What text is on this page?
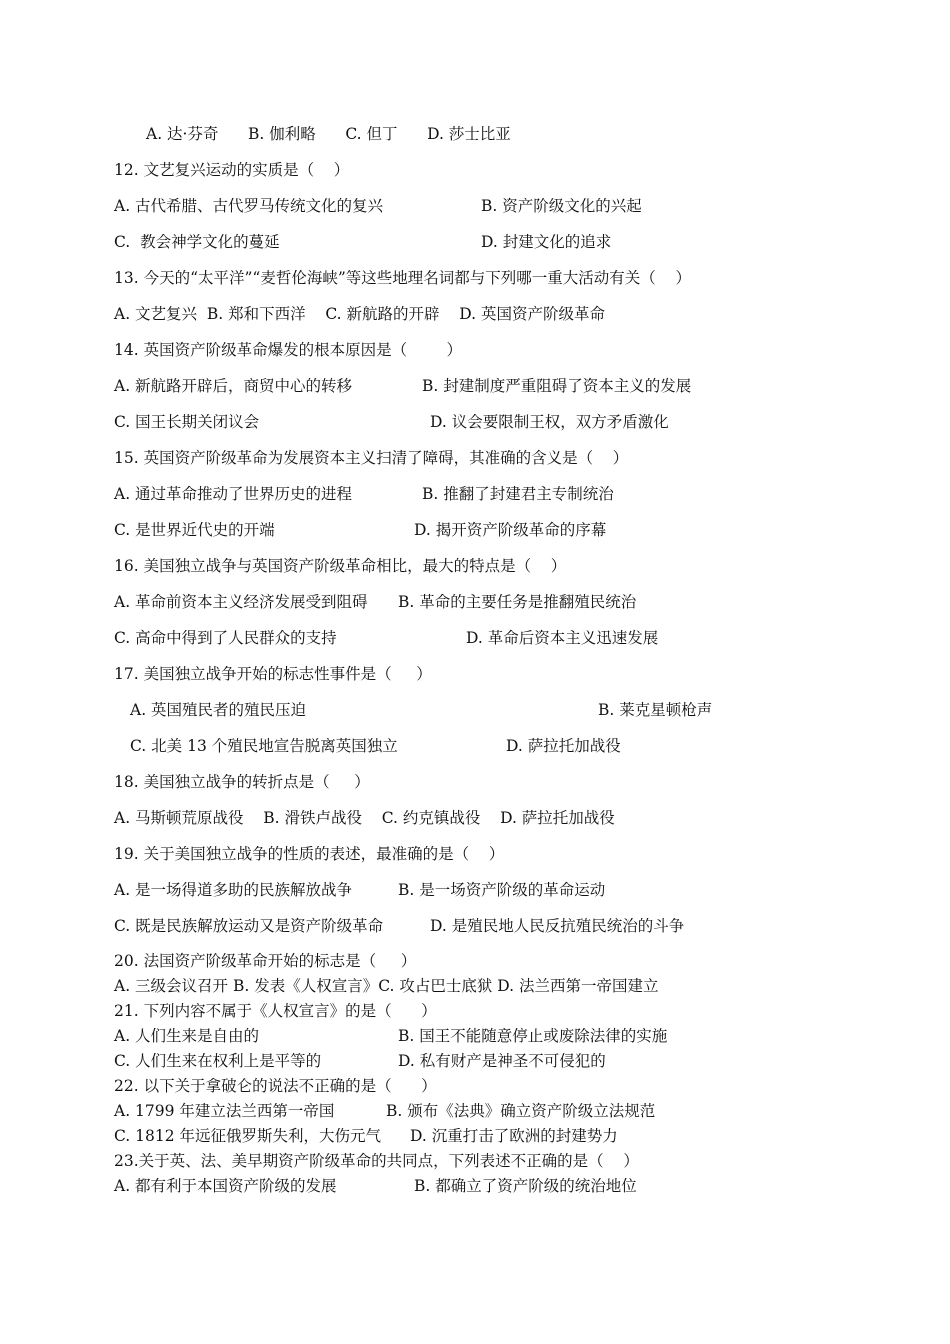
A. 达·芬奇      B. 伽利略      C. 但丁      D. 莎士比亚
12. 文艺复兴运动的实质是（    ）
A. 古代希腊、古代罗马传统文化的复兴	B. 资产阶级文化的兴起
C.  教会神学文化的蔓延	D. 封建文化的追求
13. 今天的“太平洋”“麦哲伦海峡”等这些地理名词都与下列哪一重大活动有关（    ）
A. 文艺复兴  B. 郑和下西洋    C. 新航路的开辟    D. 英国资产阶级革命
14. 英国资产阶级革命爆发的根本原因是（        ）
A. 新航路开辟后，商贸中心的转移	B. 封建制度严重阻碍了资本主义的发展
C. 国王长期关闭议会	D. 议会要限制王权，双方矛盾激化
15. 英国资产阶级革命为发展资本主义扫清了障碍，其准确的含义是（    ）
A. 通过革命推动了世界历史的进程	B. 推翻了封建君主专制统治
C. 是世界近代史的开端	D. 揭开资产阶级革命的序幕
16. 美国独立战争与英国资产阶级革命相比，最大的特点是（    ）
A. 革命前资本主义经济发展受到阻碍 B. 革命的主要任务是推翻殖民统治
C. 高命中得到了人民群众的支持	D. 革命后资本主义迅速发展
17. 美国独立战争开始的标志性事件是（     ）
A. 英国殖民者的殖民压迫	B. 莱克星顿枪声
C. 北美 13 个殖民地宣告脱离英国独立	D. 萨拉托加战役
18. 美国独立战争的转折点是（     ）
A. 马斯顿荒原战役    B. 滑铁卢战役    C. 约克镇战役    D. 萨拉托加战役
19. 关于美国独立战争的性质的表述，最准确的是（    ）
A. 是一场得道多助的民族解放战争	B. 是一场资产阶级的革命运动
C. 既是民族解放运动又是资产阶级革命	D. 是殖民地人民反抗殖民统治的斗争
20. 法国资产阶级革命开始的标志是（     ）
A. 三级会议召开 B. 发表《人权宣言》C. 攻占巴士底狱 D. 法兰西第一帝国建立
21. 下列内容不属于《人权宣言》的是（      ）
A. 人们生来是自由的	B. 国王不能随意停止或废除法律的实施
C. 人们生来在权利上是平等的	D. 私有财产是神圣不可侵犯的
22. 以下关于拿破仑的说法不正确的是（      ）
A. 1799 年建立法兰西第一帝国	B. 颁布《法典》确立资产阶级立法规范
C. 1812 年远征俄罗斯失利，大伤元气 D. 沉重打击了欧洲的封建势力
23.关于英、法、美早期资产阶级革命的共同点，下列表述不正确的是（    ）
A. 都有利于本国资产阶级的发展	B. 都确立了资产阶级的统治地位
